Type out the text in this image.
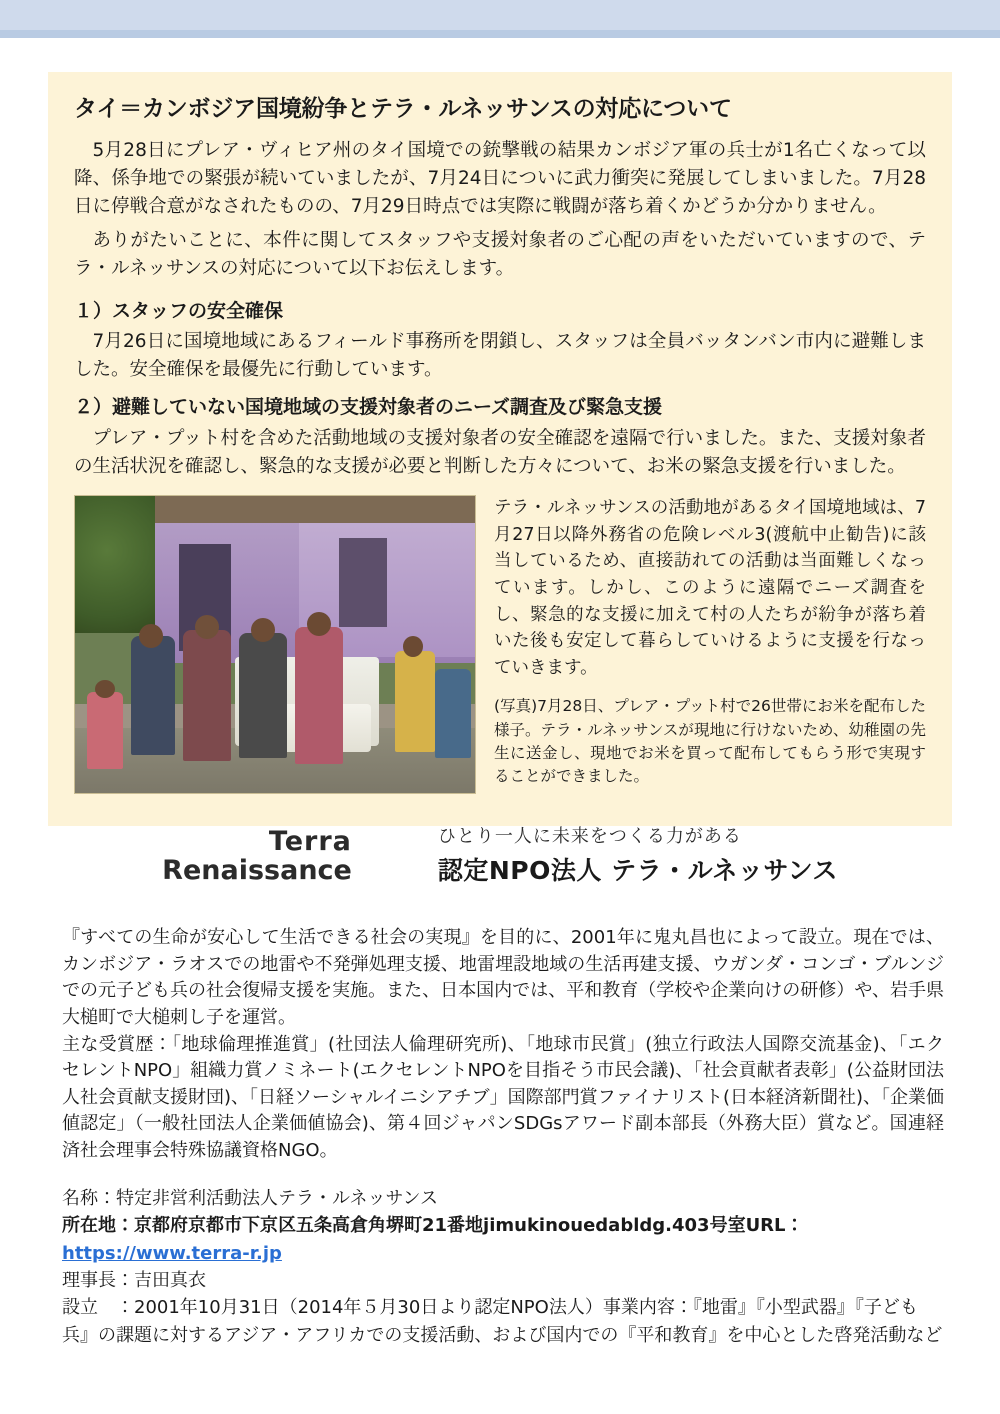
タイ＝カンボジア国境紛争とテラ・ルネッサンスの対応について

5月28日にプレア・ヴィヒア州のタイ国境での銃撃戦の結果カンボジア軍の兵士が1名亡くなって以降、係争地での緊張が続いていましたが、7月24日についに武力衝突に発展してしまいました。7月28日に停戦合意がなされたものの、7月29日時点では実際に戦闘が落ち着くかどうか分かりません。

ありがたいことに、本件に関してスタッフや支援対象者のご心配の声をいただいていますので、テラ・ルネッサンスの対応について以下お伝えします。

１）スタッフの安全確保

7月26日に国境地域にあるフィールド事務所を閉鎖し、スタッフは全員バッタンバン市内に避難しました。安全確保を最優先に行動しています。

２）避難していない国境地域の支援対象者のニーズ調査及び緊急支援

プレア・プット村を含めた活動地域の支援対象者の安全確認を遠隔で行いました。また、支援対象者の生活状況を確認し、緊急的な支援が必要と判断した方々について、お米の緊急支援を行いました。

テラ・ルネッサンスの活動地があるタイ国境地域は、7月27日以降外務省の危険レベル3(渡航中止勧告)に該当しているため、直接訪れての活動は当面難しくなっています。しかし、このように遠隔でニーズ調査をし、緊急的な支援に加えて村の人たちが紛争が落ち着いた後も安定して暮らしていけるように支援を行なっていきます。

(写真)7月28日、プレア・プット村で26世帯にお米を配布した様子。テラ・ルネッサンスが現地に行けないため、幼稚園の先生に送金し、現地でお米を買って配布してもらう形で実現することができました。

Terra
Renaissance
ひとり一人に未来をつくる力がある
認定NPO法人 テラ・ルネッサンス

『すべての生命が安心して生活できる社会の実現』を目的に、2001年に鬼丸昌也によって設立。現在では、カンボジア・ラオスでの地雷や不発弾処理支援、地雷埋設地域の生活再建支援、ウガンダ・コンゴ・ブルンジでの元子ども兵の社会復帰支援を実施。また、日本国内では、平和教育（学校や企業向けの研修）や、岩手県大槌町で大槌刺し子を運営。

主な受賞歴：「地球倫理推進賞」(社団法人倫理研究所)、「地球市民賞」(独立行政法人国際交流基金)、「エクセレントNPO」組織力賞ノミネート(エクセレントNPOを目指そう市民会議)、「社会貢献者表彰」(公益財団法人社会貢献支援財団)、「日経ソーシャルイニシアチブ」国際部門賞ファイナリスト(日本経済新聞社)、「企業価値認定」（一般社団法人企業価値協会)、第４回ジャパンSDGsアワード副本部長（外務大臣）賞など。国連経済社会理事会特殊協議資格NGO。

名称：特定非営利活動法人テラ・ルネッサンス

所在地：京都府京都市下京区五条高倉角堺町21番地jimukinouedabldg.403号室URL：https://www.terra-r.jp

理事長：吉田真衣

設立　：2001年10月31日（2014年５月30日より認定NPO法人）事業内容：『地雷』『小型武器』『子ども兵』の課題に対するアジア・アフリカでの支援活動、および国内での『平和教育』を中心とした啓発活動など
